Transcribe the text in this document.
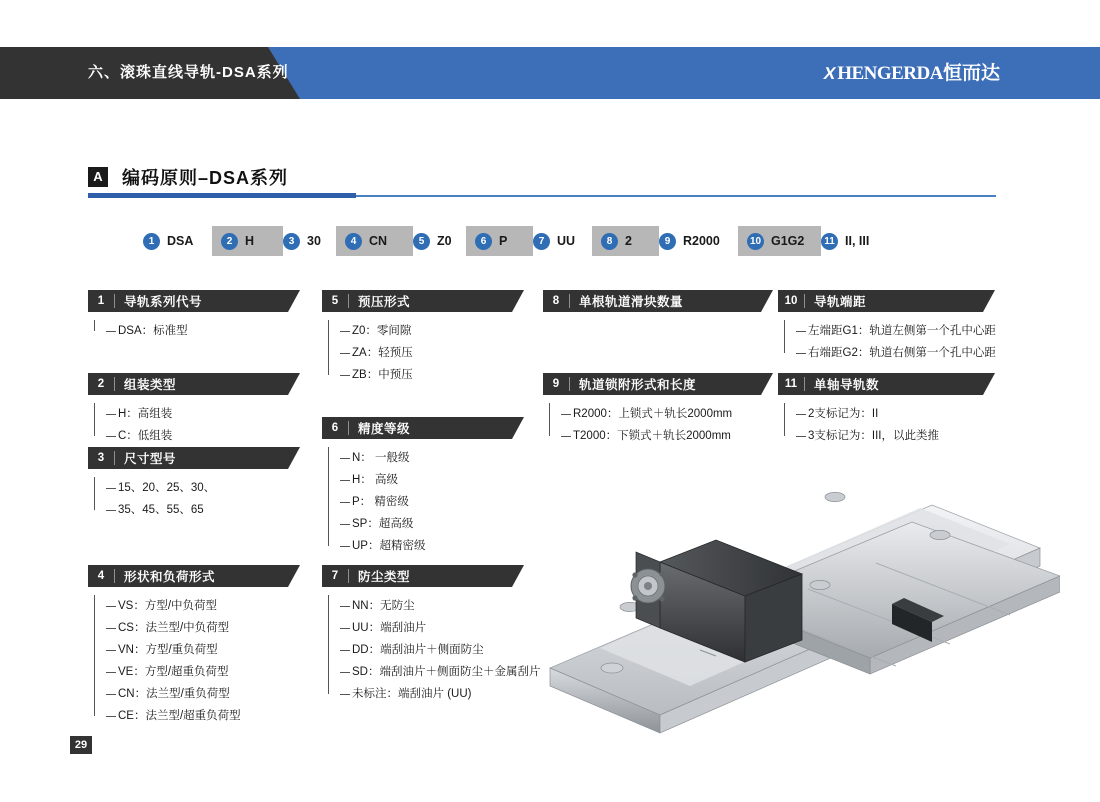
六、滚珠直线导轨-DSA系列	XHENGERDA恒而达
A 编码原则–DSA系列
1	DSA	2	H	3	30	4	CN	5	Z0	6	P	7	UU	8	2	9	R2000	10 G1G2	11 II, III
1	导轨系列代号
DSA：标准型
2	组装类型
H：高组装
C：低组装
3	尺寸型号
15、20、25、30、
35、45、55、65
4	形状和负荷形式
VS：方型/中负荷型
CS：法兰型/中负荷型
VN：方型/重负荷型
VE：方型/超重负荷型
CN：法兰型/重负荷型
CE：法兰型/超重负荷型
5	预压形式
Z0：零间隙
ZA：轻预压
ZB：中预压
6	精度等级
N： 一般级
H： 高级
P： 精密级
SP：超高级
UP：超精密级
7	防尘类型
NN：无防尘
UU：端刮油片
DD：端刮油片＋侧面防尘
SD：端刮油片＋侧面防尘＋金属刮片
未标注：端刮油片 (UU)
8	单根轨道滑块数量
9	轨道锁附形式和长度
R2000：上锁式＋轨长2000mm
T2000：下锁式＋轨长2000mm
10	导轨端距
左端距G1：轨道左侧第一个孔中心距
右端距G2：轨道右侧第一个孔中心距
11	单轴导轨数
2支标记为：II
3支标记为：III，以此类推
29
